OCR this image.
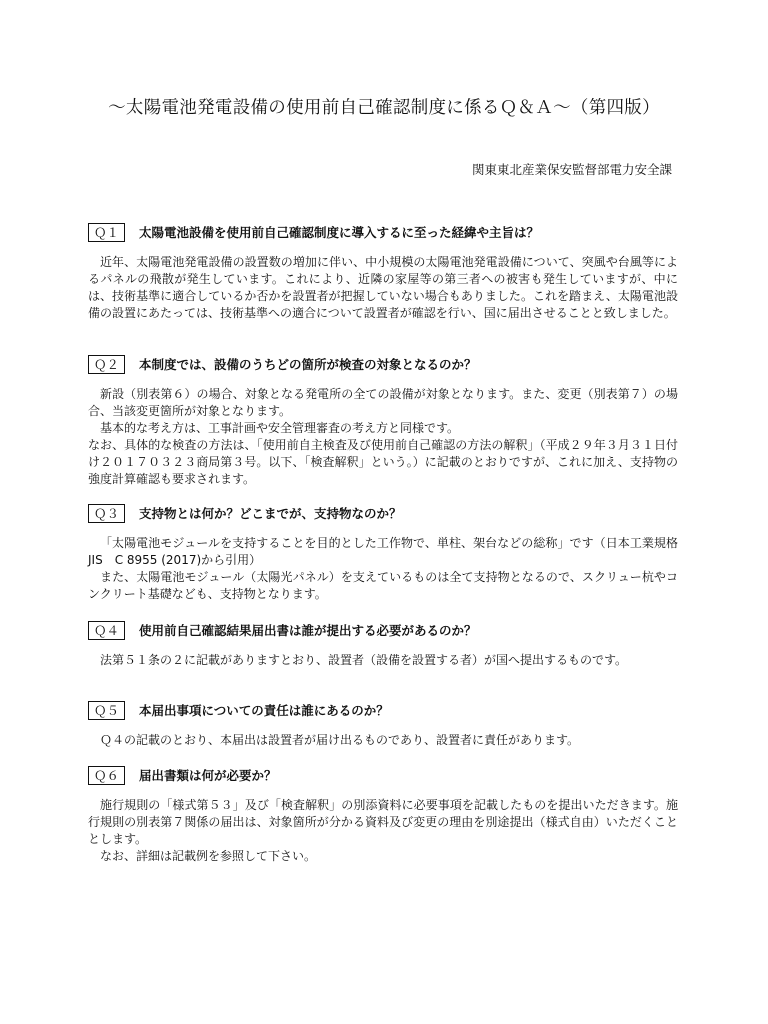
～太陽電池発電設備の使用前自己確認制度に係るＱ＆Ａ～（第四版）
関東東北産業保安監督部電力安全課
Ｑ１	太陽電池設備を使用前自己確認制度に導入するに至った経緯や主旨は？

近年、太陽電池発電設備の設置数の増加に伴い、中小規模の太陽電池発電設備について、突風や台風等によるパネルの飛散が発生しています。これにより、近隣の家屋等の第三者への被害も発生していますが、中には、技術基準に適合しているか否かを設置者が把握していない場合もありました。これを踏まえ、太陽電池設備の設置にあたっては、技術基準への適合について設置者が確認を行い、国に届出させることと致しました。

Ｑ２	本制度では、設備のうちどの箇所が検査の対象となるのか？

新設（別表第６）の場合、対象となる発電所の全ての設備が対象となります。また、変更（別表第７）の場合、当該変更箇所が対象となります。

基本的な考え方は、工事計画や安全管理審査の考え方と同様です。

なお、具体的な検査の方法は、「使用前自主検査及び使用前自己確認の方法の解釈」（平成２９年３月３１日付け２０１７０３２３商局第３号。以下、「検査解釈」という。）に記載のとおりですが、これに加え、支持物の強度計算確認も要求されます。

Ｑ３	支持物とは何か？どこまでが、支持物なのか？

「太陽電池モジュールを支持することを目的とした工作物で、単柱、架台などの総称」です（日本工業規格 JIS　C 8955 (2017)から引用）

また、太陽電池モジュール（太陽光パネル）を支えているものは全て支持物となるので、スクリュー杭やコンクリート基礎なども、支持物となります。

Ｑ４	使用前自己確認結果届出書は誰が提出する必要があるのか？

法第５１条の２に記載がありますとおり、設置者（設備を設置する者）が国へ提出するものです。

Ｑ５	本届出事項についての責任は誰にあるのか？

Ｑ４の記載のとおり、本届出は設置者が届け出るものであり、設置者に責任があります。

Ｑ６	届出書類は何が必要か？

施行規則の「様式第５３」及び「検査解釈」の別添資料に必要事項を記載したものを提出いただきます。施行規則の別表第７関係の届出は、対象箇所が分かる資料及び変更の理由を別途提出（様式自由）いただくこととします。

なお、詳細は記載例を参照して下さい。
